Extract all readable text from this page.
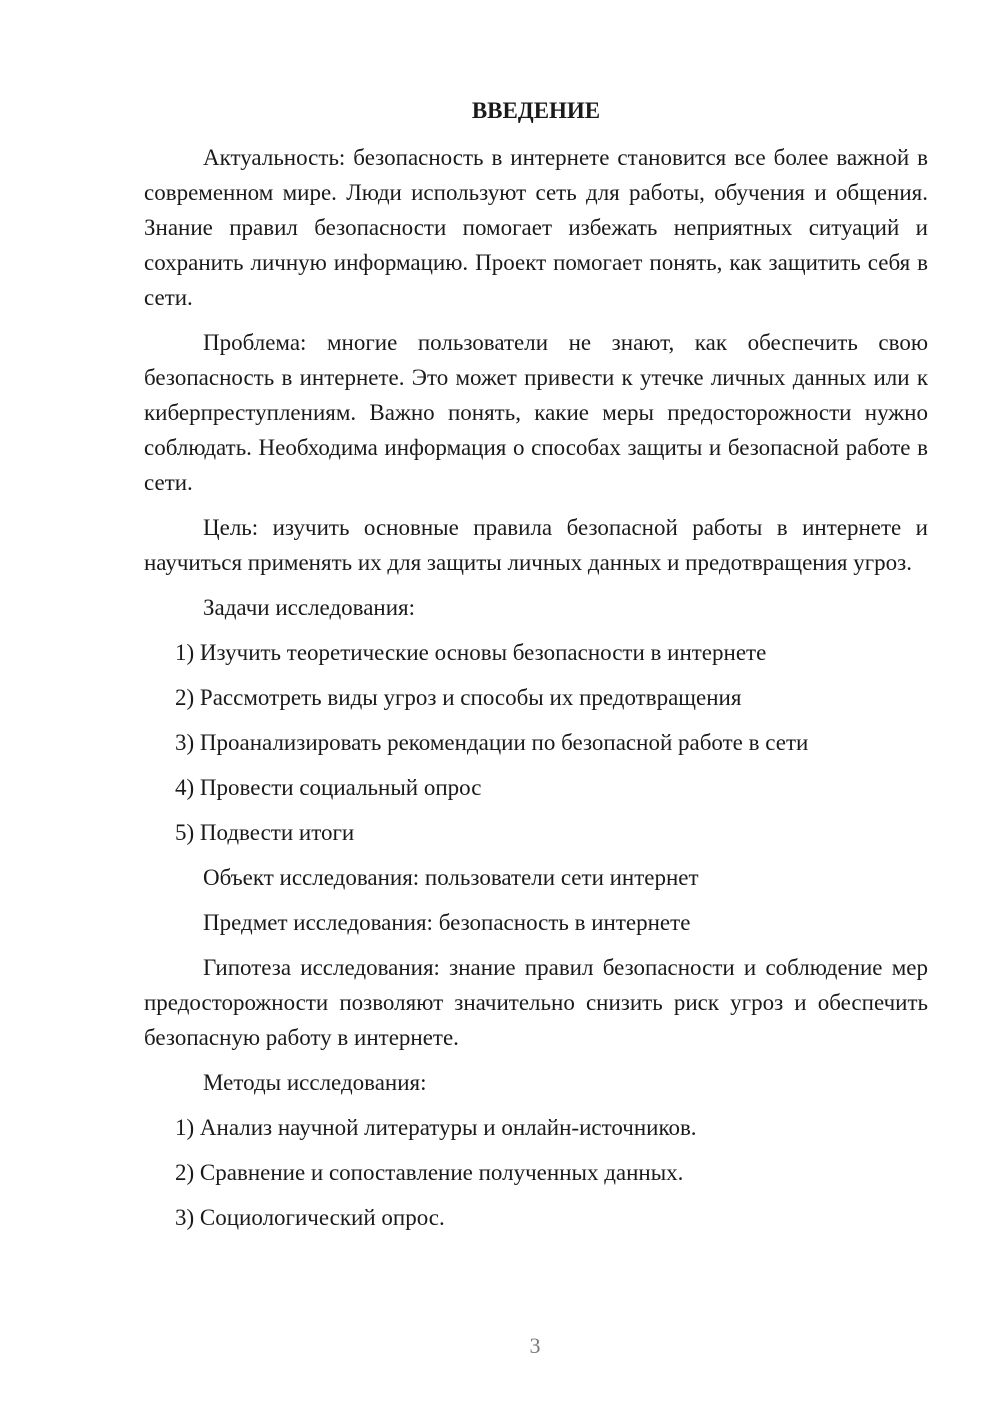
ВВЕДЕНИЕ

Актуальность: безопасность в интернете становится все более важной в современном мире. Люди используют сеть для работы, обучения и общения. Знание правил безопасности помогает избежать неприятных ситуаций и сохранить личную информацию. Проект помогает понять, как защитить себя в сети.

Проблема: многие пользователи не знают, как обеспечить свою безопасность в интернете. Это может привести к утечке личных данных или к киберпреступлениям. Важно понять, какие меры предосторожности нужно соблюдать. Необходима информация о способах защиты и безопасной работе в сети.

Цель: изучить основные правила безопасной работы в интернете и научиться применять их для защиты личных данных и предотвращения угроз.

Задачи исследования:
1) Изучить теоретические основы безопасности в интернете
2) Рассмотреть виды угроз и способы их предотвращения
3) Проанализировать рекомендации по безопасной работе в сети
4) Провести социальный опрос
5) Подвести итоги
Объект исследования: пользователи сети интернет
Предмет исследования: безопасность в интернете

Гипотеза исследования: знание правил безопасности и соблюдение мер предосторожности позволяют значительно снизить риск угроз и обеспечить безопасную работу в интернете.

Методы исследования:
1) Анализ научной литературы и онлайн-источников.
2) Сравнение и сопоставление полученных данных.
3) Социологический опрос.
3
